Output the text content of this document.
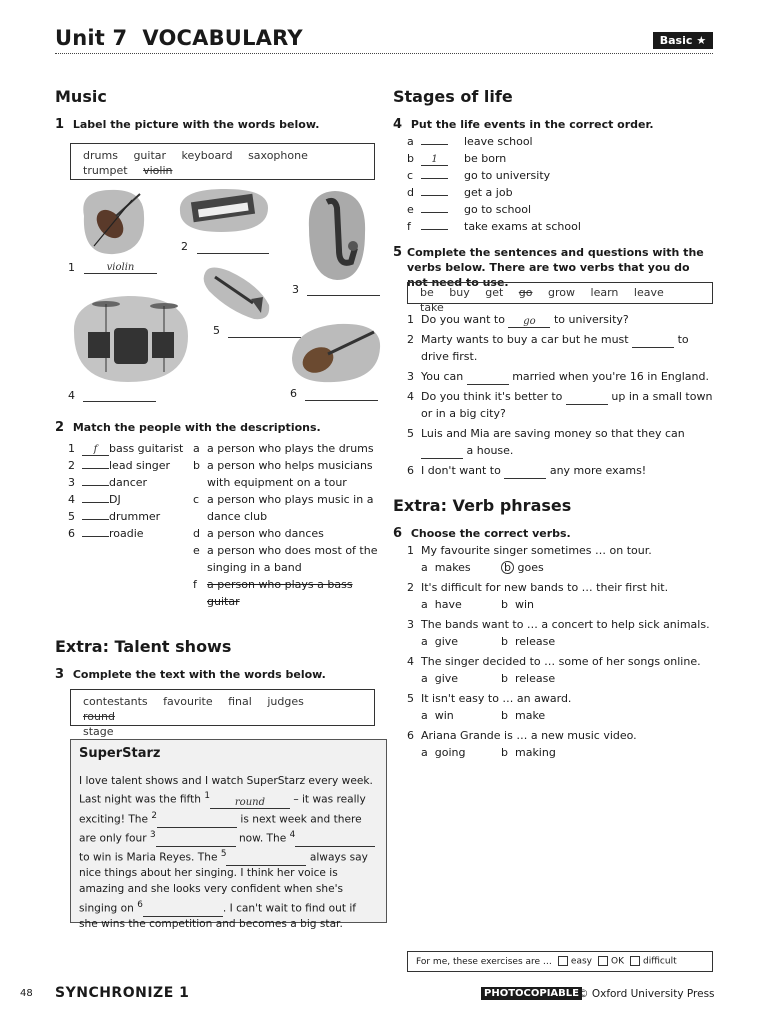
Unit 7 VOCABULARY	Basic ★
Music
1 Label the picture with the words below.
drums guitar keyboard saxophone
trumpet violin
1	violin
2
3
5
4	6
2 Match the people with the descriptions.
1	f	bass guitarist
2	lead singer
3	dancer
4	DJ
5	drummer
6	roadie
a a person who plays the drums
b a person who helps musicians with equipment on a tour
c a person who plays music in a dance club
d a person who dances
e a person who does most of the singing in a band
f a person who plays a bass guitar
Extra: Talent shows
3 Complete the text with the words below.
contestants favourite final judges round
stage
SuperStarz
I love talent shows and I watch SuperStarz every week. Last night was the fifth $^1$round	– it was really exciting! The $^2$	is next week and there are only four $^3$	now. The $^4$ to win is Maria Reyes. The $^5$	always say nice things about her singing. I think her voice is amazing and she looks very confident when she's singing on $^6$	. I can't wait to find out if she wins the competition and becomes a big star.
Stages of life
4 Put the life events in the correct order.
a	leave school
b	1	be born
c	go to university
d	get a job
e	go to school
f	take exams at school
5 Complete the sentences and questions with the verbs below. There are two verbs that you do not need to use.
be buy get go grow learn leave take
1 Do you want to go to university?
2 Marty wants to buy a car but he must	to drive first.
3 You can	married when you're 16 in England.
4 Do you think it's better to	up in a small town or in a big city?
5 Luis and Mia are saving money so that they can  a house.
6 I don't want to	any more exams!
Extra: Verb phrases
6 Choose the correct verbs.
1 My favourite singer sometimes … on tour.
a  makes	b goes
2 It's difficult for new bands to … their first hit.
a  have	b  win
3 The bands want to … a concert to help sick animals.
a  give	b  release
4 The singer decided to … some of her songs online.
a  give	b  release
5 It isn't easy to … an award.
a  win	b  make
6 Ariana Grande is … a new music video.
a  going	b  making
For me, these exercises are …	easy	OK	difficult
48 SYNCHRONIZE 1	PHOTOCOPIABLE © Oxford University Press
